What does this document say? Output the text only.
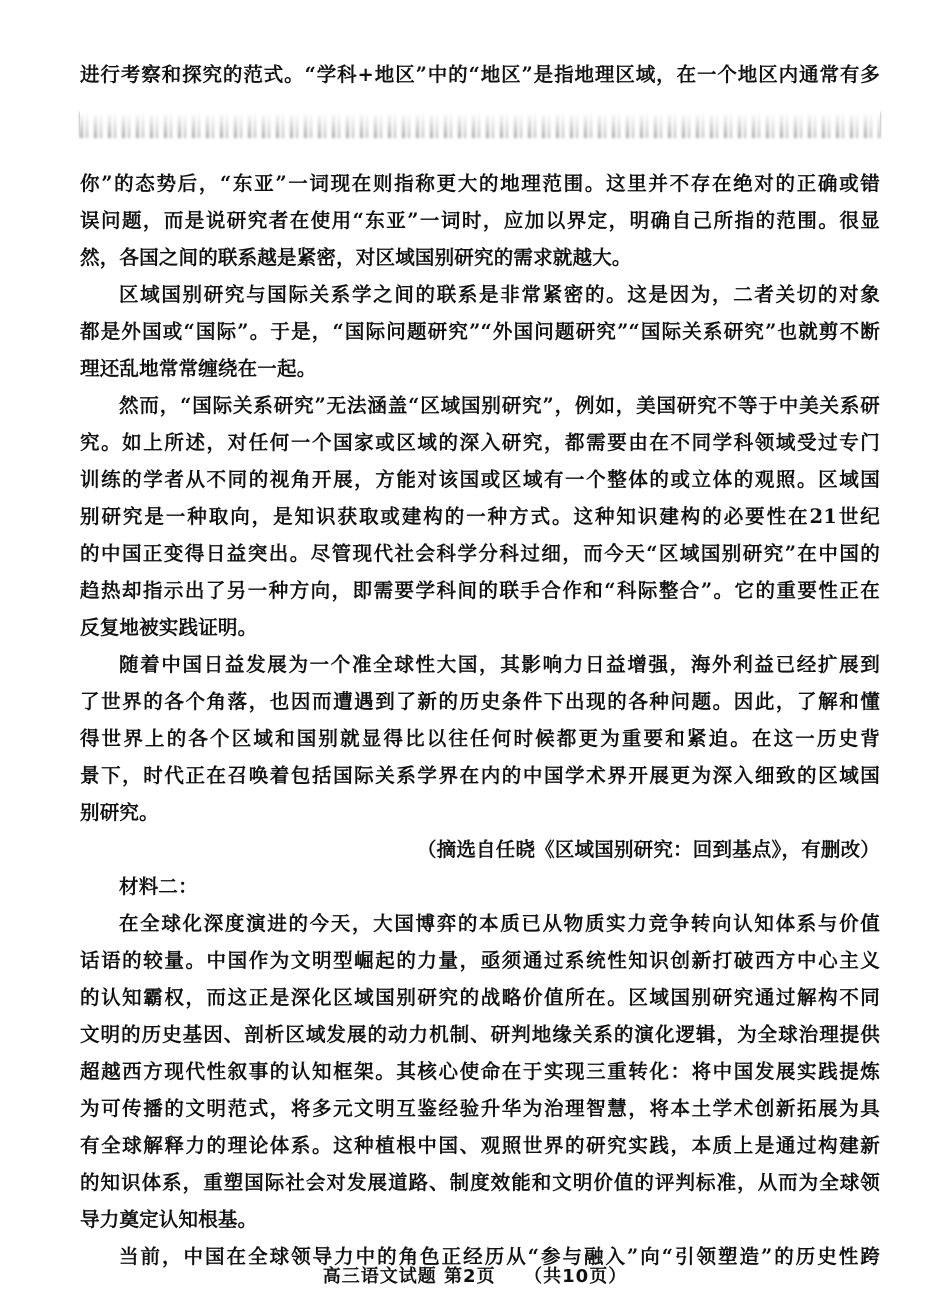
进行考察和探究的范式。“学科+地区”中的“地区”是指地理区域，在一个地区内通常有多
你”的态势后，“东亚”一词现在则指称更大的地理范围。这里并不存在绝对的正确或错
误问题，而是说研究者在使用“东亚”一词时，应加以界定，明确自己所指的范围。很显
然，各国之间的联系越是紧密，对区域国别研究的需求就越大。
区域国别研究与国际关系学之间的联系是非常紧密的。这是因为，二者关切的对象
都是外国或“国际”。于是，“国际问题研究”“外国问题研究”“国际关系研究”也就剪不断
理还乱地常常缠绕在一起。
然而，“国际关系研究”无法涵盖“区域国别研究”，例如，美国研究不等于中美关系研
究。如上所述，对任何一个国家或区域的深入研究，都需要由在不同学科领域受过专门
训练的学者从不同的视角开展，方能对该国或区域有一个整体的或立体的观照。区域国
别研究是一种取向，是知识获取或建构的一种方式。这种知识建构的必要性在21世纪
的中国正变得日益突出。尽管现代社会科学分科过细，而今天“区域国别研究”在中国的
趋热却指示出了另一种方向，即需要学科间的联手合作和“科际整合”。它的重要性正在
反复地被实践证明。
随着中国日益发展为一个准全球性大国，其影响力日益增强，海外利益已经扩展到
了世界的各个角落，也因而遭遇到了新的历史条件下出现的各种问题。因此，了解和懂
得世界上的各个区域和国别就显得比以往任何时候都更为重要和紧迫。在这一历史背
景下，时代正在召唤着包括国际关系学界在内的中国学术界开展更为深入细致的区域国
别研究。
（摘选自任晓《区域国别研究：回到基点》，有删改）
材料二：
在全球化深度演进的今天，大国博弈的本质已从物质实力竞争转向认知体系与价值
话语的较量。中国作为文明型崛起的力量，亟须通过系统性知识创新打破西方中心主义
的认知霸权，而这正是深化区域国别研究的战略价值所在。区域国别研究通过解构不同
文明的历史基因、剖析区域发展的动力机制、研判地缘关系的演化逻辑，为全球治理提供
超越西方现代性叙事的认知框架。其核心使命在于实现三重转化：将中国发展实践提炼
为可传播的文明范式，将多元文明互鉴经验升华为治理智慧，将本土学术创新拓展为具
有全球解释力的理论体系。这种植根中国、观照世界的研究实践，本质上是通过构建新
的知识体系，重塑国际社会对发展道路、制度效能和文明价值的评判标准，从而为全球领
导力奠定认知根基。
当前，中国在全球领导力中的角色正经历从“参与融入”向“引领塑造”的历史性跨
高三语文试题 第2页 （共10页）
